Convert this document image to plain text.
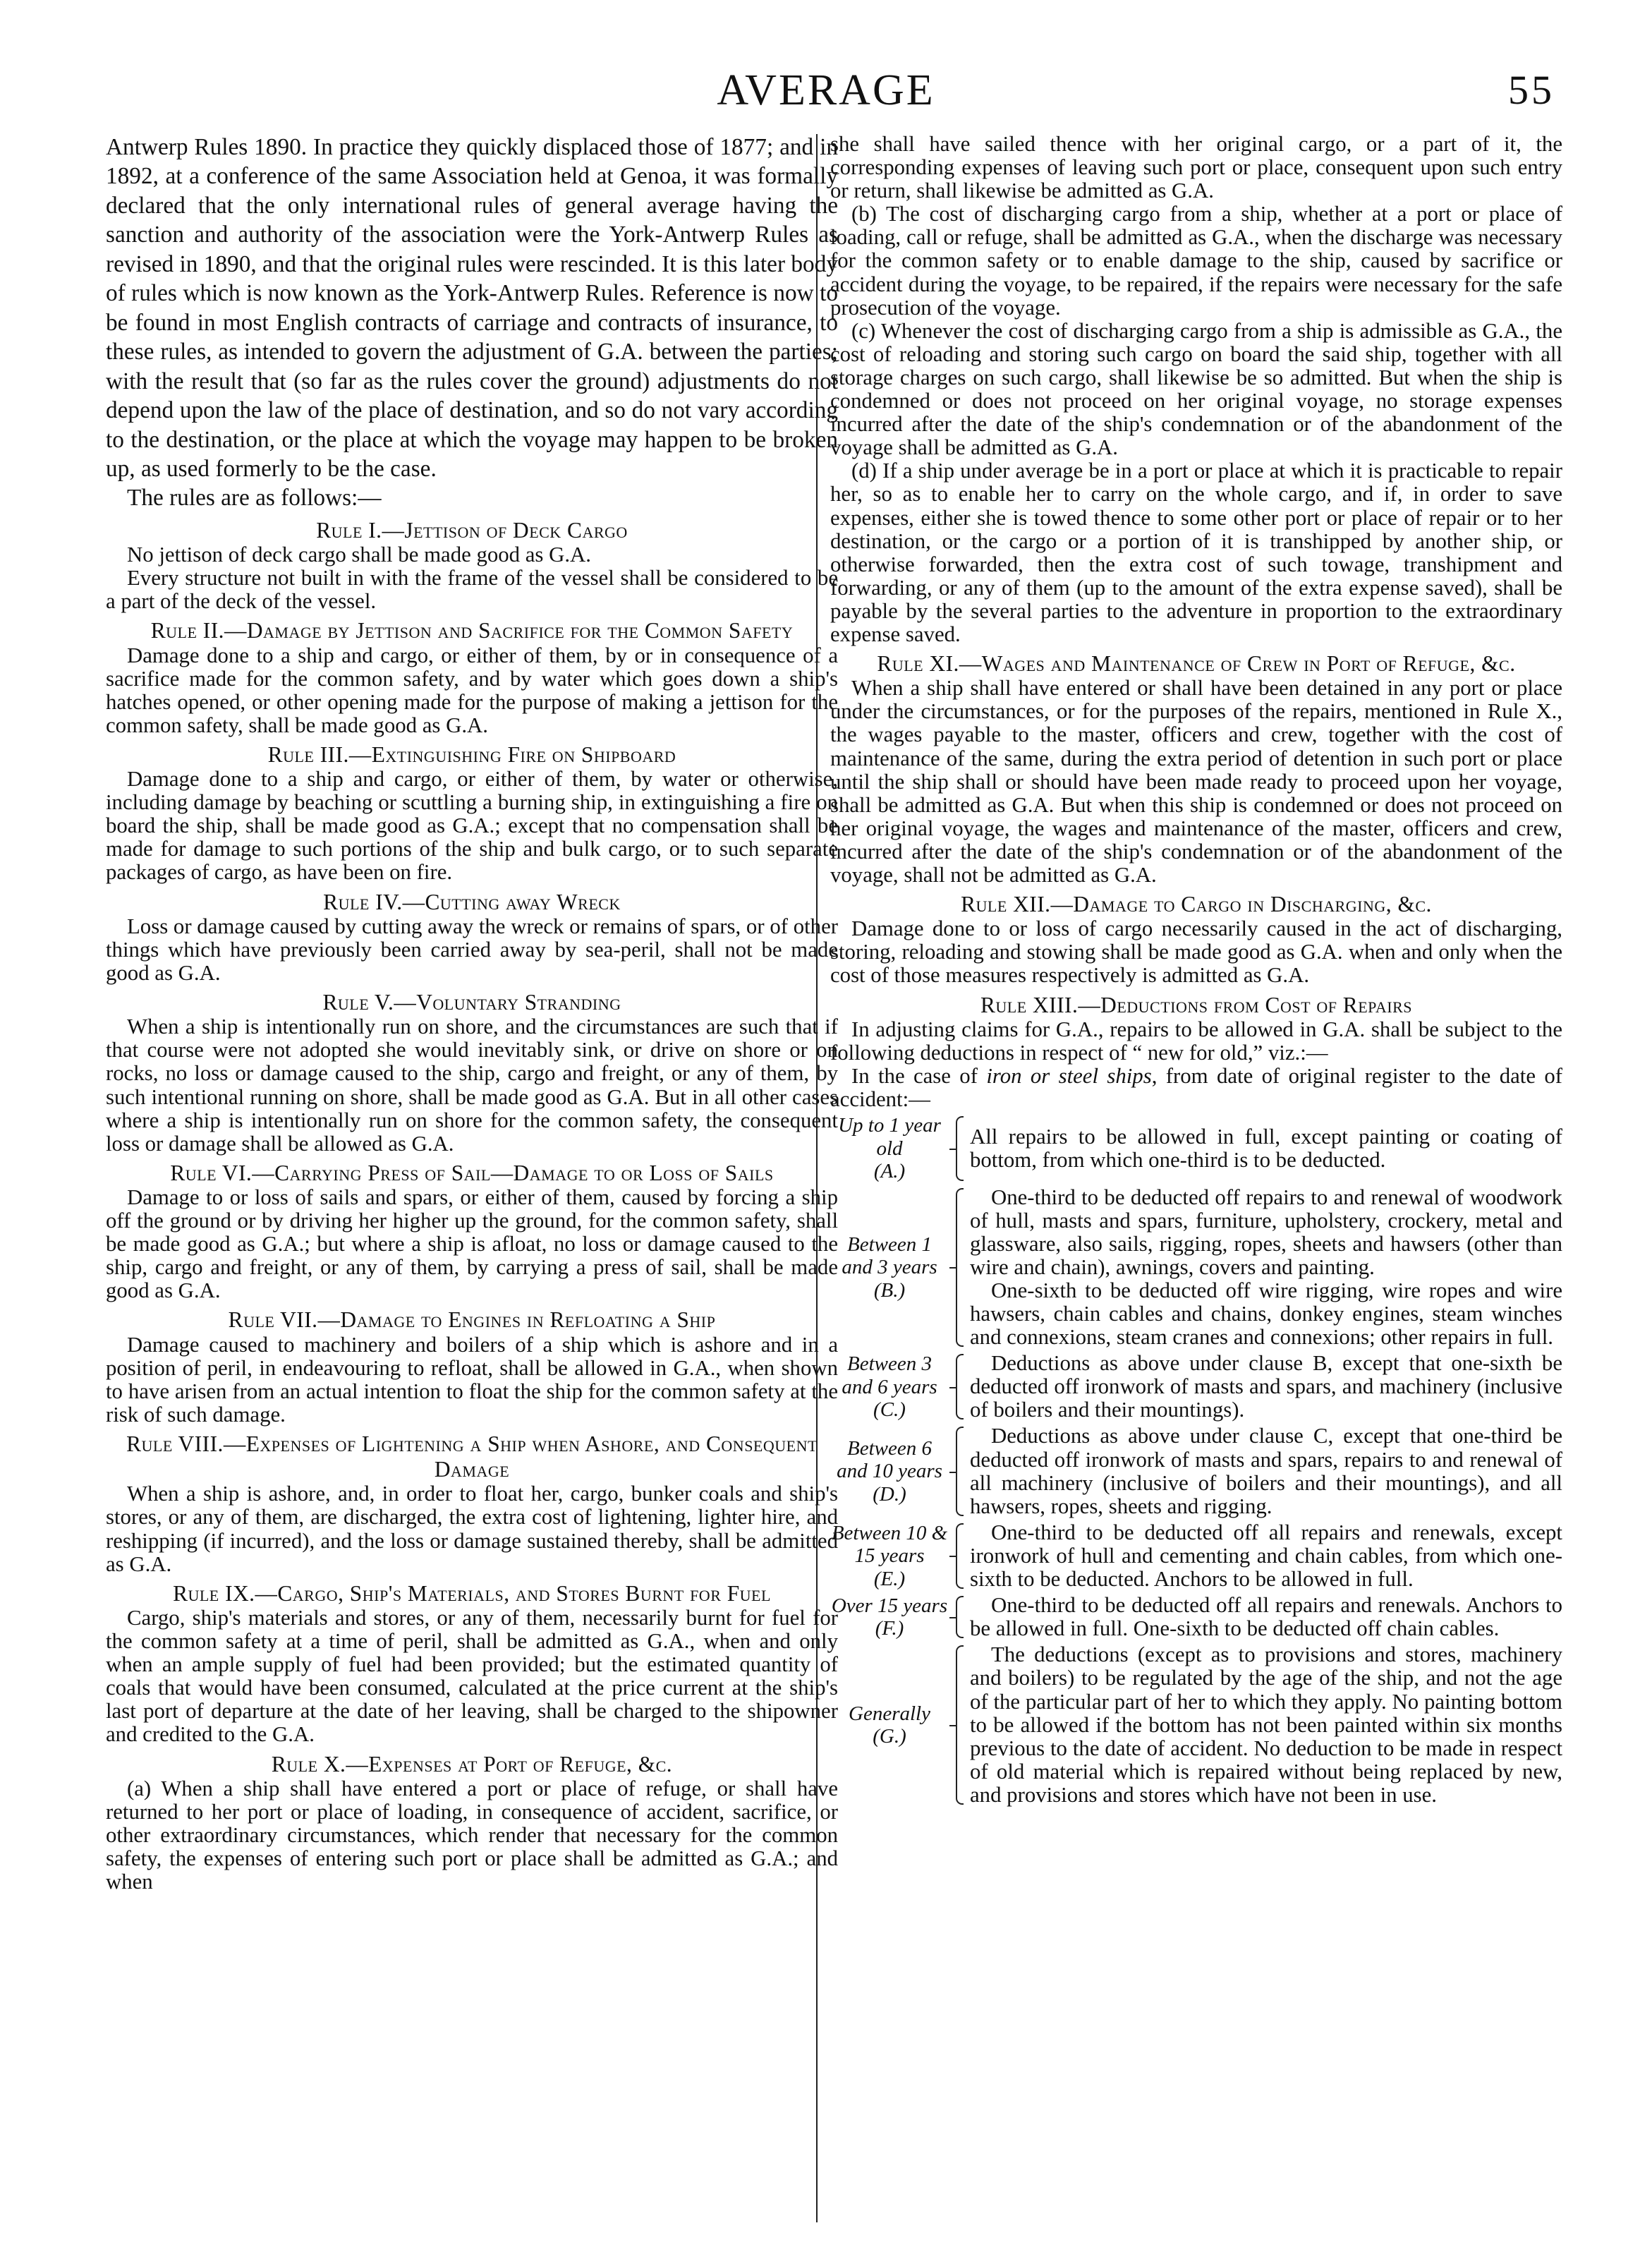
AVERAGE	55

Antwerp Rules 1890. In practice they quickly displaced those of 1877; and in 1892, at a conference of the same Association held at Genoa, it was formally declared that the only international rules of general average having the sanction and authority of the association were the York-Antwerp Rules as revised in 1890, and that the original rules were rescinded. It is this later body of rules which is now known as the York-Antwerp Rules. Reference is now to be found in most English contracts of carriage and contracts of insurance, to these rules, as intended to govern the adjustment of G.A. between the parties; with the result that (so far as the rules cover the ground) adjustments do not depend upon the law of the place of destination, and so do not vary according to the destination, or the place at which the voyage may happen to be broken up, as used formerly to be the case.

The rules are as follows:—

Rule I.—Jettison of Deck Cargo

No jettison of deck cargo shall be made good as G.A.

Every structure not built in with the frame of the vessel shall be considered to be a part of the deck of the vessel.

Rule II.—Damage by Jettison and Sacrifice for the Common Safety

Damage done to a ship and cargo, or either of them, by or in consequence of a sacrifice made for the common safety, and by water which goes down a ship's hatches opened, or other opening made for the purpose of making a jettison for the common safety, shall be made good as G.A.

Rule III.—Extinguishing Fire on Shipboard

Damage done to a ship and cargo, or either of them, by water or otherwise, including damage by beaching or scuttling a burning ship, in extinguishing a fire on board the ship, shall be made good as G.A.; except that no compensation shall be made for damage to such portions of the ship and bulk cargo, or to such separate packages of cargo, as have been on fire.

Rule IV.—Cutting away Wreck

Loss or damage caused by cutting away the wreck or remains of spars, or of other things which have previously been carried away by sea-peril, shall not be made good as G.A.

Rule V.—Voluntary Stranding

When a ship is intentionally run on shore, and the circumstances are such that if that course were not adopted she would inevitably sink, or drive on shore or on rocks, no loss or damage caused to the ship, cargo and freight, or any of them, by such intentional running on shore, shall be made good as G.A. But in all other cases where a ship is intentionally run on shore for the common safety, the consequent loss or damage shall be allowed as G.A.

Rule VI.—Carrying Press of Sail—Damage to or Loss of Sails

Damage to or loss of sails and spars, or either of them, caused by forcing a ship off the ground or by driving her higher up the ground, for the common safety, shall be made good as G.A.; but where a ship is afloat, no loss or damage caused to the ship, cargo and freight, or any of them, by carrying a press of sail, shall be made good as G.A.

Rule VII.—Damage to Engines in Refloating a Ship

Damage caused to machinery and boilers of a ship which is ashore and in a position of peril, in endeavouring to refloat, shall be allowed in G.A., when shown to have arisen from an actual intention to float the ship for the common safety at the risk of such damage.

Rule VIII.—Expenses of Lightening a Ship when Ashore, and Consequent Damage

When a ship is ashore, and, in order to float her, cargo, bunker coals and ship's stores, or any of them, are discharged, the extra cost of lightening, lighter hire, and reshipping (if incurred), and the loss or damage sustained thereby, shall be admitted as G.A.

Rule IX.—Cargo, Ship's Materials, and Stores Burnt for Fuel

Cargo, ship's materials and stores, or any of them, necessarily burnt for fuel for the common safety at a time of peril, shall be admitted as G.A., when and only when an ample supply of fuel had been provided; but the estimated quantity of coals that would have been consumed, calculated at the price current at the ship's last port of departure at the date of her leaving, shall be charged to the shipowner and credited to the G.A.

Rule X.—Expenses at Port of Refuge, &c.

(a) When a ship shall have entered a port or place of refuge, or shall have returned to her port or place of loading, in consequence of accident, sacrifice, or other extraordinary circumstances, which render that necessary for the common safety, the expenses of entering such port or place shall be admitted as G.A.; and when

she shall have sailed thence with her original cargo, or a part of it, the corresponding expenses of leaving such port or place, consequent upon such entry or return, shall likewise be admitted as G.A.

(b) The cost of discharging cargo from a ship, whether at a port or place of loading, call or refuge, shall be admitted as G.A., when the discharge was necessary for the common safety or to enable damage to the ship, caused by sacrifice or accident during the voyage, to be repaired, if the repairs were necessary for the safe prosecution of the voyage.

(c) Whenever the cost of discharging cargo from a ship is admissible as G.A., the cost of reloading and storing such cargo on board the said ship, together with all storage charges on such cargo, shall likewise be so admitted. But when the ship is condemned or does not proceed on her original voyage, no storage expenses incurred after the date of the ship's condemnation or of the abandonment of the voyage shall be admitted as G.A.

(d) If a ship under average be in a port or place at which it is practicable to repair her, so as to enable her to carry on the whole cargo, and if, in order to save expenses, either she is towed thence to some other port or place of repair or to her destination, or the cargo or a portion of it is transhipped by another ship, or otherwise forwarded, then the extra cost of such towage, transhipment and forwarding, or any of them (up to the amount of the extra expense saved), shall be payable by the several parties to the adventure in proportion to the extraordinary expense saved.

Rule XI.—Wages and Maintenance of Crew in Port of Refuge, &c.

When a ship shall have entered or shall have been detained in any port or place under the circumstances, or for the purposes of the repairs, mentioned in Rule X., the wages payable to the master, officers and crew, together with the cost of maintenance of the same, during the extra period of detention in such port or place until the ship shall or should have been made ready to proceed upon her voyage, shall be admitted as G.A. But when this ship is condemned or does not proceed on her original voyage, the wages and maintenance of the master, officers and crew, incurred after the date of the ship's condemnation or of the abandonment of the voyage, shall not be admitted as G.A.

Rule XII.—Damage to Cargo in Discharging, &c.

Damage done to or loss of cargo necessarily caused in the act of discharging, storing, reloading and stowing shall be made good as G.A. when and only when the cost of those measures respectively is admitted as G.A.

Rule XIII.—Deductions from Cost of Repairs

In adjusting claims for G.A., repairs to be allowed in G.A. shall be subject to the following deductions in respect of “ new for old,” viz.:—

In the case of iron or steel ships, from date of original register to the date of accident:—

Up to 1 year old
(A.)

All repairs to be allowed in full, except painting or coating of bottom, from which one-third is to be deducted.

Between 1 and 3 years
(B.)

One-third to be deducted off repairs to and renewal of woodwork of hull, masts and spars, furniture, upholstery, crockery, metal and glassware, also sails, rigging, ropes, sheets and hawsers (other than wire and chain), awnings, covers and painting.

One-sixth to be deducted off wire rigging, wire ropes and wire hawsers, chain cables and chains, donkey engines, steam winches and connexions, steam cranes and connexions; other repairs in full.

Between 3 and 6 years
(C.)

Deductions as above under clause B, except that one-sixth be deducted off ironwork of masts and spars, and machinery (inclusive of boilers and their mountings).

Between 6 and 10 years
(D.)

Deductions as above under clause C, except that one-third be deducted off ironwork of masts and spars, repairs to and renewal of all machinery (inclusive of boilers and their mountings), and all hawsers, ropes, sheets and rigging.

Between 10 & 15 years
(E.)

One-third to be deducted off all repairs and renewals, except ironwork of hull and cementing and chain cables, from which one-sixth to be deducted. Anchors to be allowed in full.

Over 15 years
(F.)

One-third to be deducted off all repairs and renewals. Anchors to be allowed in full. One-sixth to be deducted off chain cables.

Generally
(G.)

The deductions (except as to provisions and stores, machinery and boilers) to be regulated by the age of the ship, and not the age of the particular part of her to which they apply. No painting bottom to be allowed if the bottom has not been painted within six months previous to the date of accident. No deduction to be made in respect of old material which is repaired without being replaced by new, and provisions and stores which have not been in use.
